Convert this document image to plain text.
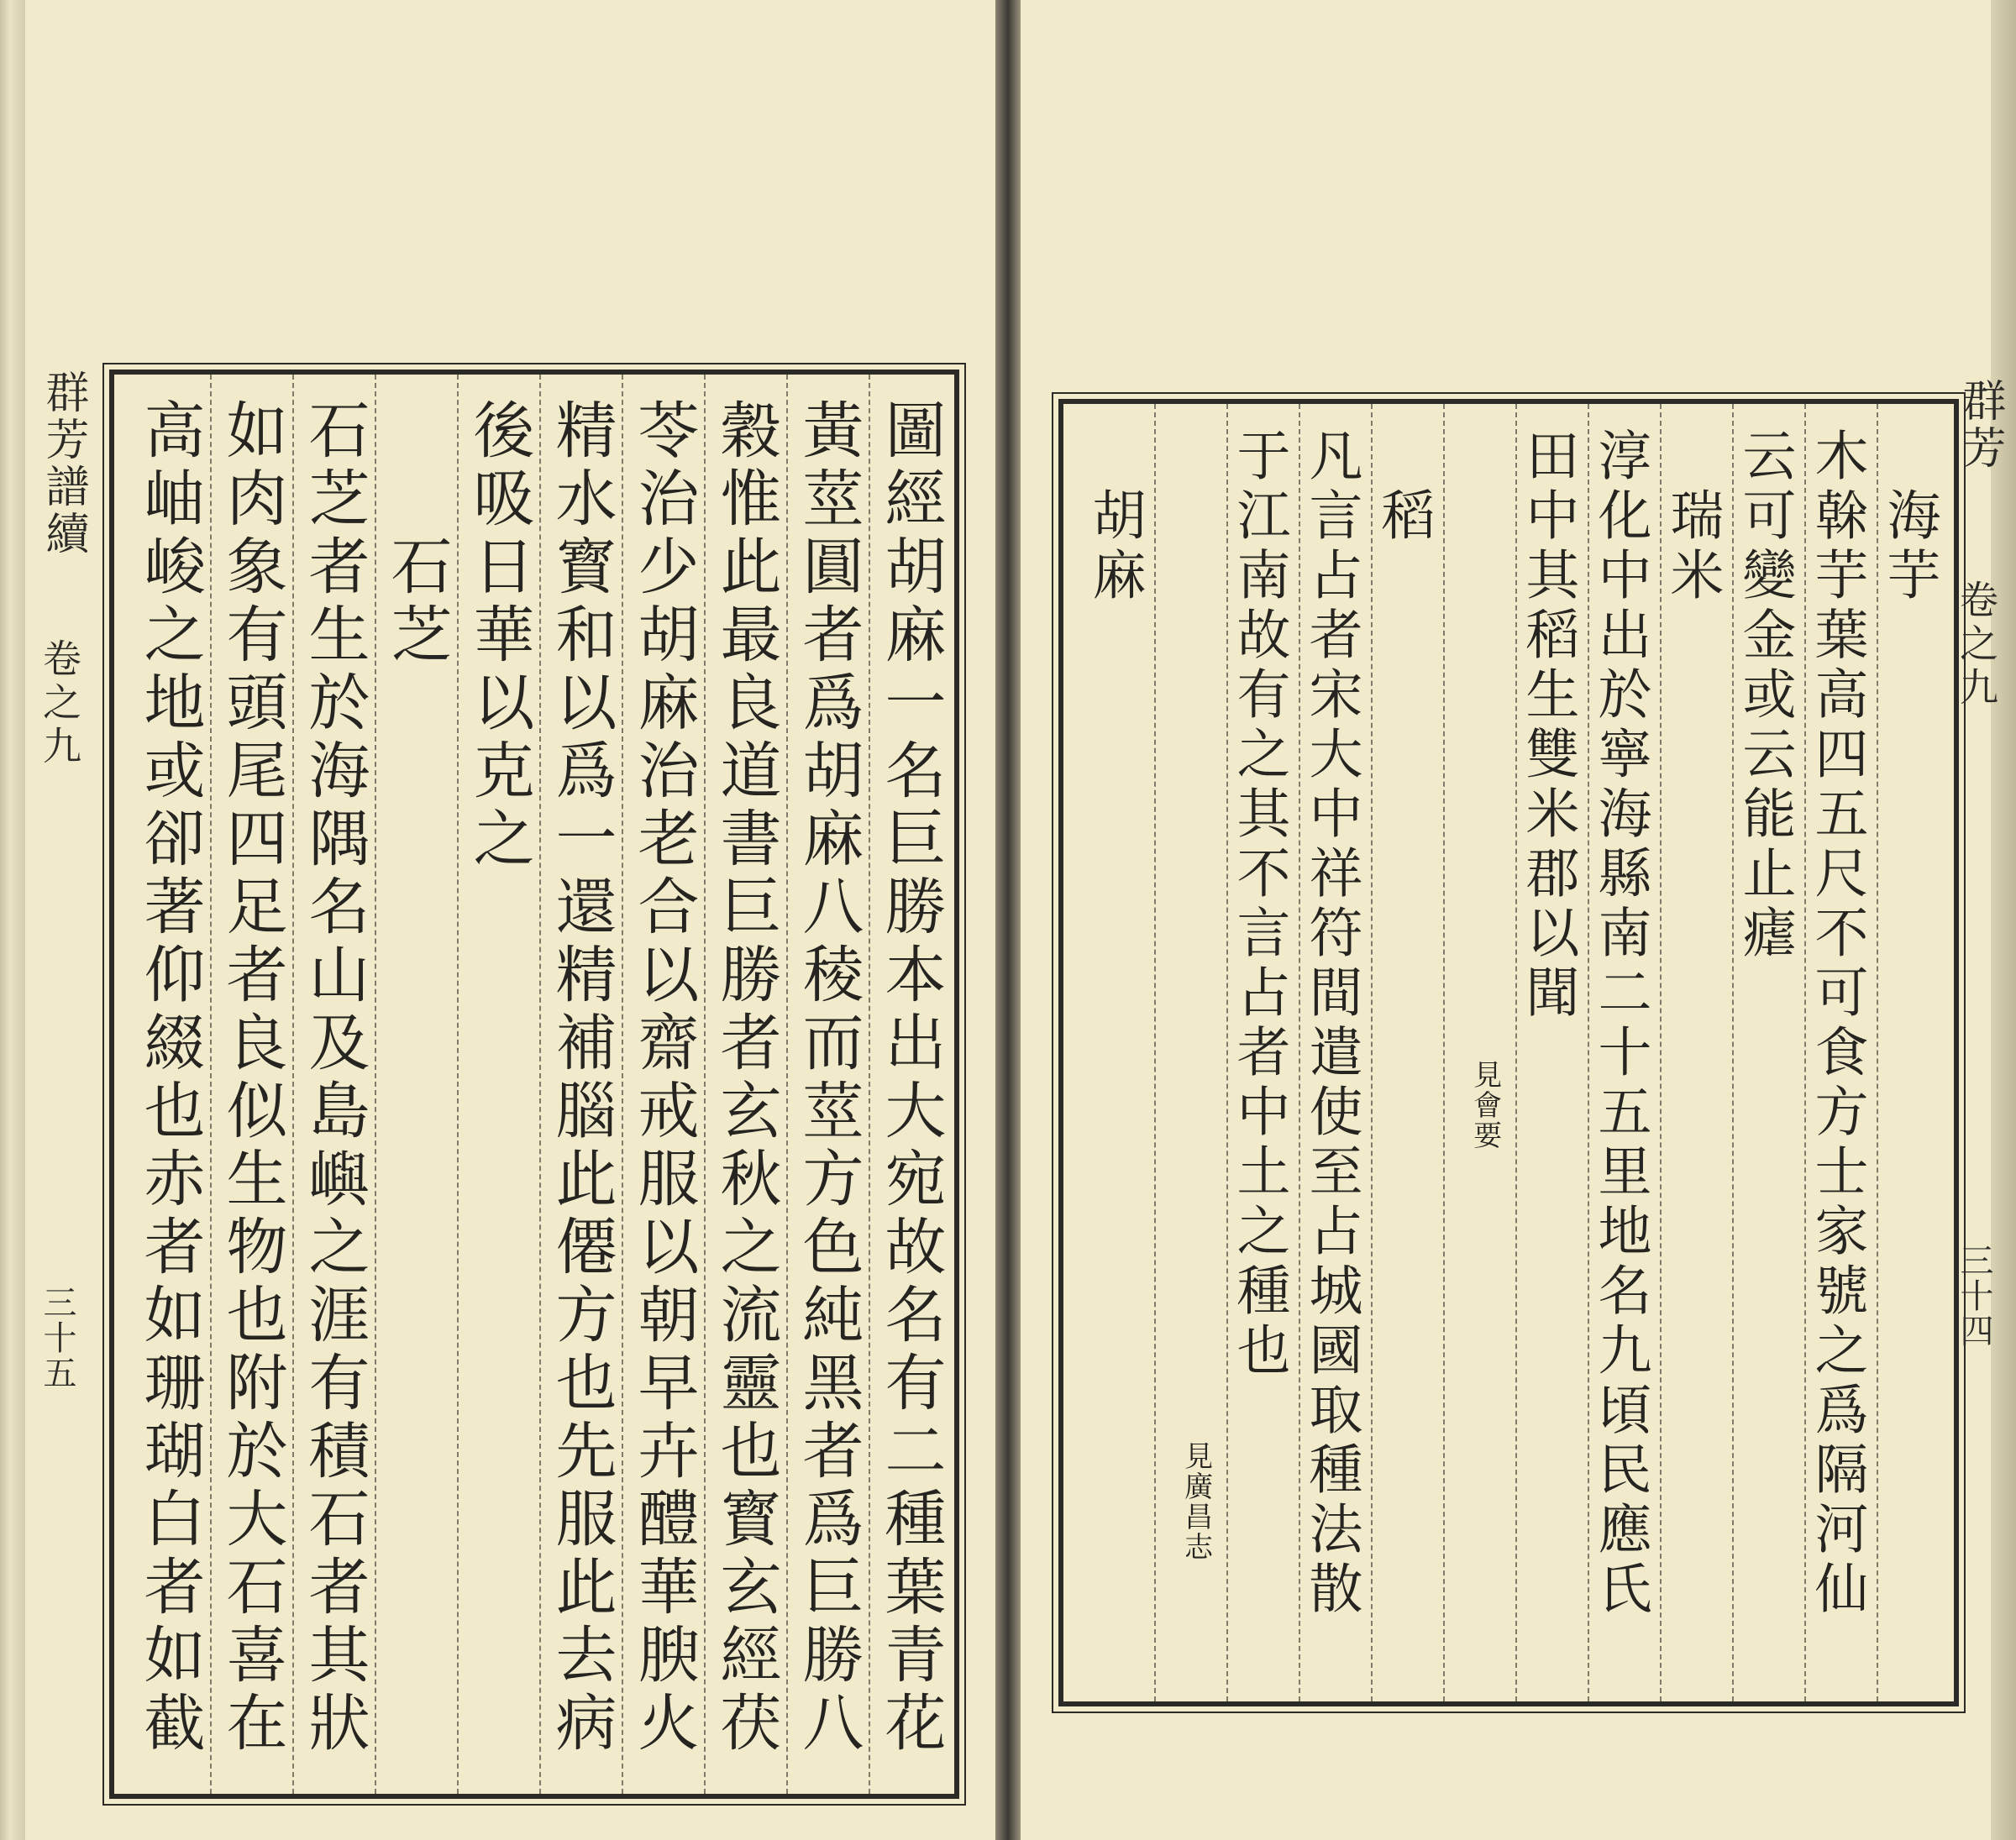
群芳譜續
卷之九
三十五	圖經胡麻一名巨勝本出大宛故名有二種葉青花
黃莖圓者爲胡麻八稜而莖方色純黑者爲巨勝八
穀惟此最良道書巨勝者玄秋之流靈也寳玄經茯
苓治少胡麻治老合以齋戒服以朝早卉醴華腴火
精水寳和以爲一還精補腦此僊方也先服此去病
後吸日華以克之
石芝
石芝者生於海隅名山及島嶼之涯有積石者其狀
如肉象有頭尾四足者良似生物也附於大石喜在
高岫峻之地或卻著仰綴也赤者如珊瑚白者如截	群芳
卷之九
三十四
海芋
木榦芋葉高四五尺不可食方士家號之爲隔河仙
云可變金或云能止瘧
瑞米
淳化中出於寧海縣南二十五里地名九頃民應氏
田中其稻生雙米郡以聞
見會要
稻
凡言占者宋大中祥符間遣使至占城國取種法散
于江南故有之其不言占者中土之種也
見廣昌志
胡麻
